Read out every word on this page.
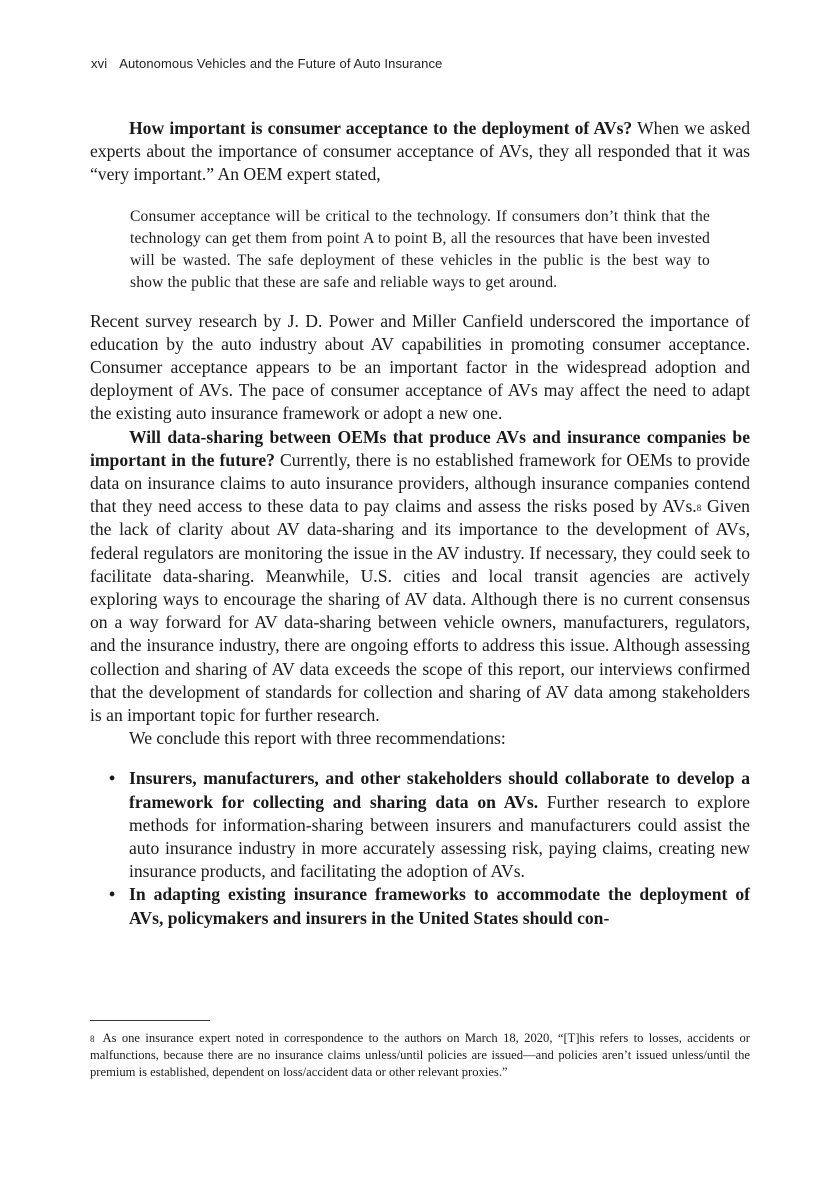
xvi Autonomous Vehicles and the Future of Auto Insurance

How important is consumer acceptance to the deployment of AVs? When we asked experts about the importance of consumer acceptance of AVs, they all responded that it was “very important.” An OEM expert stated,

Consumer acceptance will be critical to the technology. If consumers don’t think that the technology can get them from point A to point B, all the resources that have been invested will be wasted. The safe deployment of these vehicles in the public is the best way to show the public that these are safe and reliable ways to get around.

Recent survey research by J. D. Power and Miller Canfield underscored the importance of education by the auto industry about AV capabilities in promoting consumer acceptance. Consumer acceptance appears to be an important factor in the widespread adoption and deployment of AVs. The pace of consumer acceptance of AVs may affect the need to adapt the existing auto insurance framework or adopt a new one.

Will data-sharing between OEMs that produce AVs and insurance companies be important in the future? Currently, there is no established framework for OEMs to provide data on insurance claims to auto insurance providers, although insurance companies contend that they need access to these data to pay claims and assess the risks posed by AVs.$^8$ Given the lack of clarity about AV data-sharing and its importance to the development of AVs, federal regulators are monitoring the issue in the AV industry. If necessary, they could seek to facilitate data-sharing. Meanwhile, U.S. cities and local transit agencies are actively exploring ways to encourage the sharing of AV data. Although there is no current consensus on a way forward for AV data-sharing between vehicle owners, manufacturers, regulators, and the insurance industry, there are ongoing efforts to address this issue. Although assessing collection and sharing of AV data exceeds the scope of this report, our interviews confirmed that the development of standards for collection and sharing of AV data among stakeholders is an important topic for further research.

We conclude this report with three recommendations:

• Insurers, manufacturers, and other stakeholders should collaborate to develop a framework for collecting and sharing data on AVs. Further research to explore methods for information-sharing between insurers and manufacturers could assist the auto insurance industry in more accurately assessing risk, paying claims, creating new insurance products, and facilitating the adoption of AVs.
• In adapting existing insurance frameworks to accommodate the deployment of AVs, policymakers and insurers in the United States should con-
$^8$ As one insurance expert noted in correspondence to the authors on March 18, 2020, “[T]his refers to losses, accidents or malfunctions, because there are no insurance claims unless/until policies are issued—and policies aren’t issued unless/until the premium is established, dependent on loss/accident data or other relevant proxies.”
